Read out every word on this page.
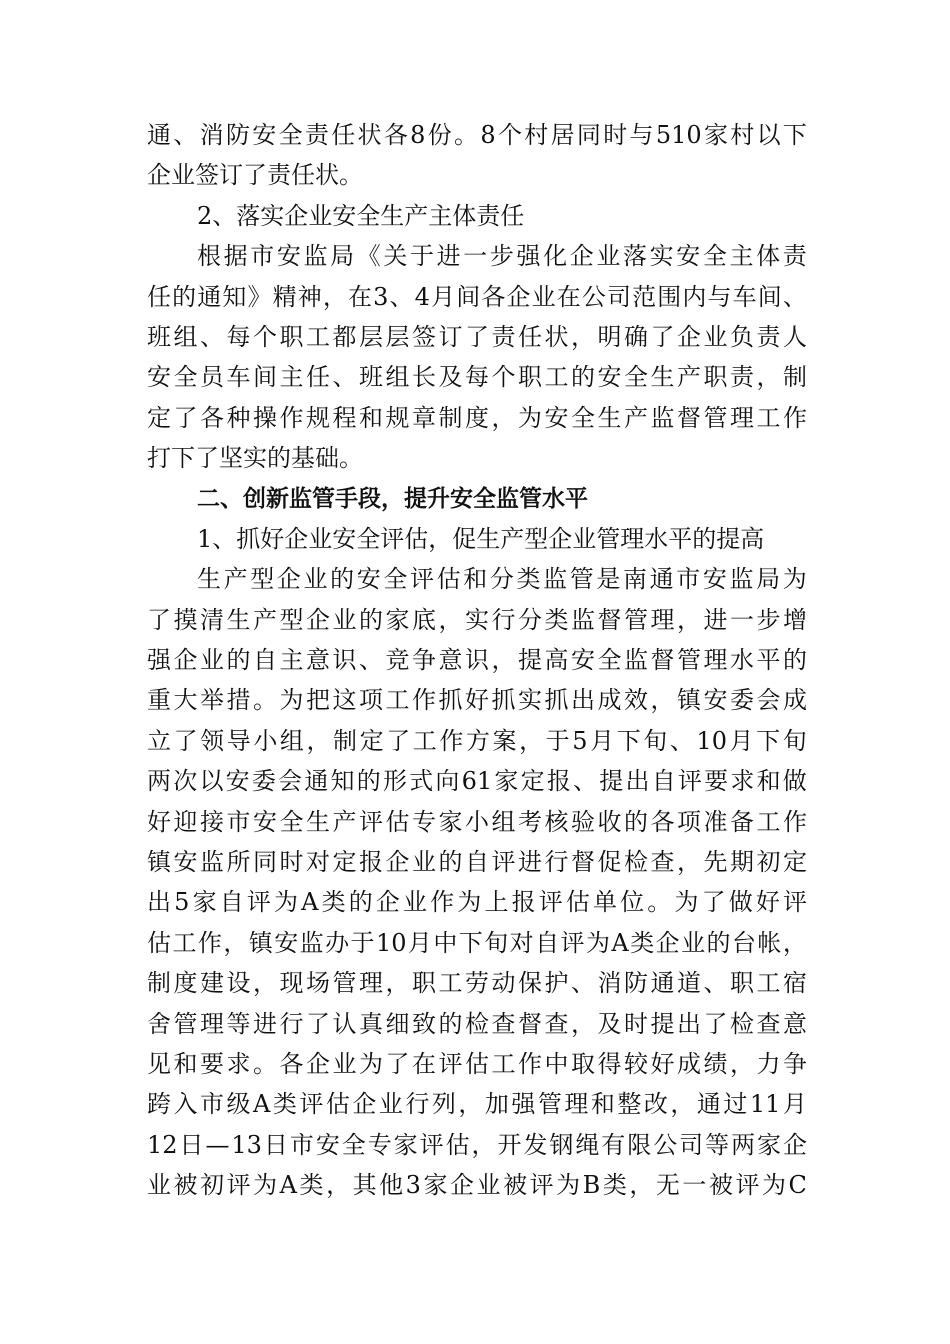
通 、 消 防 安 全 责 任 状 各 8 份 。 8 个 村 居 同 时 与 510 家 村 以 下
企业签订了责任状。
2、落实企业安全生产主体责任
根 据 市 安 监 局 《 关 于 进 一 步 强 化 企 业 落 实 安 全 主 体 责
任 的 通 知 》 精 神 ， 在 3 、 4 月 间 各 企 业 在 公 司 范 围 内 与 车 间 、
班 组 、 每 个 职 工 都 层 层 签 订 了 责 任 状 ， 明 确 了 企 业 负 责 人
安 全 员 车 间 主 任 、 班 组 长 及 每 个 职 工 的 安 全 生 产 职 责 ， 制
定 了 各 种 操 作 规 程 和 规 章 制 度 ， 为 安 全 生 产 监 督 管 理 工 作
打下了坚实的基础。
二、创新监管手段，提升安全监管水平
1、抓好企业安全评估，促生产型企业管理水平的提高
生 产 型 企 业 的 安 全 评 估 和 分 类 监 管 是 南 通 市 安 监 局 为
了 摸 清 生 产 型 企 业 的 家 底 ， 实 行 分 类 监 督 管 理 ， 进 一 步 增
强 企 业 的 自 主 意 识 、 竞 争 意 识 ， 提 高 安 全 监 督 管 理 水 平 的
重 大 举 措 。 为 把 这 项 工 作 抓 好 抓 实 抓 出 成 效 ， 镇 安 委 会 成
立 了 领 导 小 组 ， 制 定 了 工 作 方 案 ， 于 5 月 下 旬 、 10 月 下 旬
两 次 以 安 委 会 通 知 的 形 式 向 61 家 定 报 、 提 出 自 评 要 求 和 做
好 迎 接 市 安 全 生 产 评 估 专 家 小 组 考 核 验 收 的 各 项 准 备 工 作
镇 安 监 所 同 时 对 定 报 企 业 的 自 评 进 行 督 促 检 查 ， 先 期 初 定
出 5 家 自 评 为 A 类 的 企 业 作 为 上 报 评 估 单 位 。 为 了 做 好 评
估 工 作 ， 镇 安 监 办 于 10 月 中 下 旬 对 自 评 为 A 类 企 业 的 台 帐 ，
制 度 建 设 ， 现 场 管 理 ， 职 工 劳 动 保 护 、 消 防 通 道 、 职 工 宿
舍 管 理 等 进 行 了 认 真 细 致 的 检 查 督 查 ， 及 时 提 出 了 检 查 意
见 和 要 求 。 各 企 业 为 了 在 评 估 工 作 中 取 得 较 好 成 绩 ， 力 争
跨 入 市 级 A 类 评 估 企 业 行 列 ， 加 强 管 理 和 整 改 ， 通 过 11 月
12 日 — 13 日 市 安 全 专 家 评 估 ， 开 发 钢 绳 有 限 公 司 等 两 家 企
业 被 初 评 为 A 类 ， 其 他 3 家 企 业 被 评 为 B 类 ， 无 一 被 评 为 C
